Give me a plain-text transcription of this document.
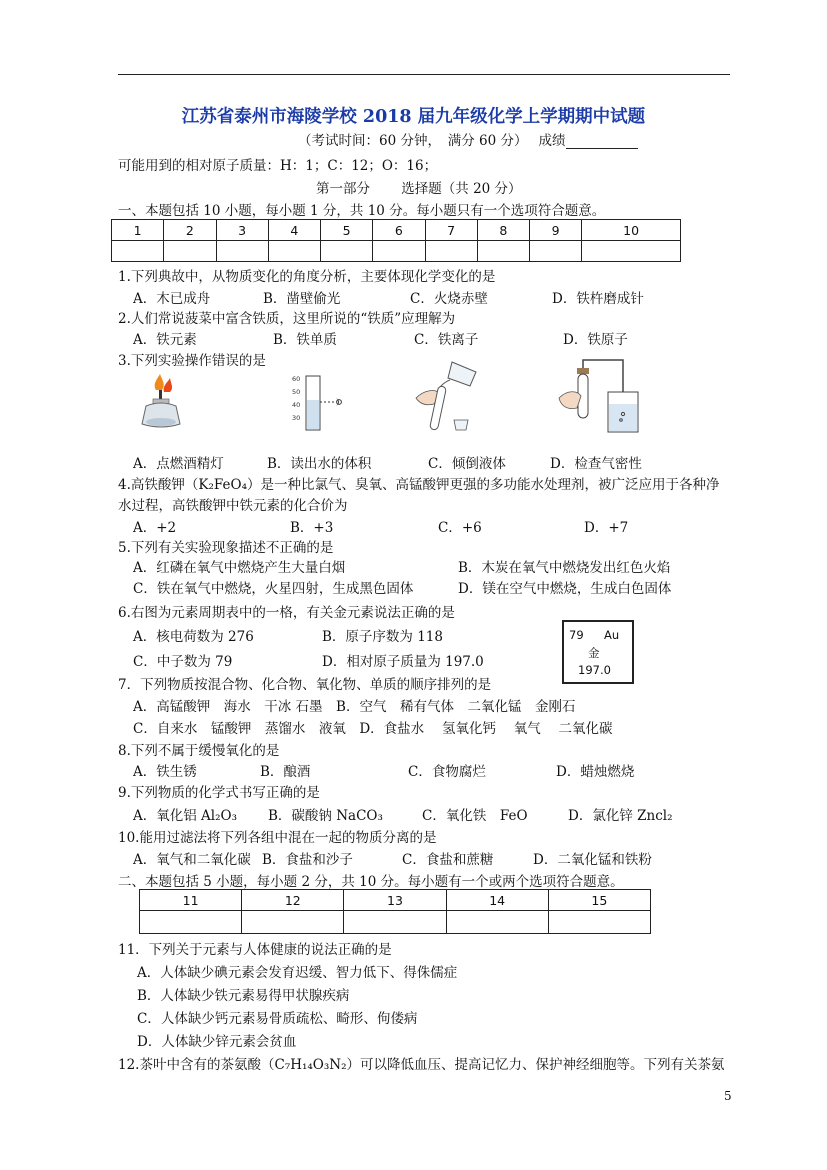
江苏省泰州市海陵学校 2018 届九年级化学上学期期中试题
（考试时间：60 分钟，　满分 60 分）　 成绩
可能用到的相对原子质量：H：1；C：12；O：16；
第一部分　　 选择题（共 20 分）
一、本题包括 10 小题，每小题 1 分，共 10 分。每小题只有一个选项符合题意。
1	2	3	4	5	6	7	8	9	10

1.下列典故中，从物质变化的角度分析，主要体现化学变化的是
A．木已成舟	B．凿壁偷光	C．火烧赤壁	D．铁杵磨成针
2.人们常说菠菜中富含铁质，这里所说的“铁质”应理解为
A．铁元素	B．铁单质	C．铁离子	D．铁原子
3.下列实验操作错误的是
60
50
40
30
A．点燃酒精灯	B．读出水的体积	C．倾倒液体	D．检查气密性
4.高铁酸钾（K₂FeO₄）是一种比氯气、臭氧、高锰酸钾更强的多功能水处理剂，被广泛应用于各种净
水过程，高铁酸钾中铁元素的化合价为
A．+2	B．+3	C．+6	D．+7
5.下列有关实验现象描述不正确的是
A．红磷在氧气中燃烧产生大量白烟	B．木炭在氧气中燃烧发出红色火焰
C．铁在氧气中燃烧，火星四射，生成黑色固体	D．镁在空气中燃烧，生成白色固体
6.右图为元素周期表中的一格，有关金元素说法正确的是
A．核电荷数为 276	B．原子序数为 118
C．中子数为 79	D．相对原子质量为 197.0
79 Au
金
197.0
7．下列物质按混合物、化合物、氧化物、单质的顺序排列的是
A．高锰酸钾　海水　干冰 石墨　B．空气　稀有气体　二氧化锰　金刚石
C．自来水　锰酸钾　蒸馏水　液氧　D．食盐水　 氢氧化钙　 氧气　 二氧化碳
8.下列不属于缓慢氧化的是
A．铁生锈	B．酿酒	C．食物腐烂	D．蜡烛燃烧
9.下列物质的化学式书写正确的是
A．氧化铝 Al₂O₃ B．碳酸钠 NaCO₃	C．氧化铁　FeO	D．氯化锌 Zncl₂
10.能用过滤法将下列各组中混在一起的物质分离的是
A．氧气和二氧化碳 B．食盐和沙子	C．食盐和蔗糖	D．二氧化锰和铁粉
二、本题包括 5 小题，每小题 2 分，共 10 分。每小题有一个或两个选项符合题意。
11	12	13	14	15

11．下列关于元素与人体健康的说法正确的是
A．人体缺少碘元素会发育迟缓、智力低下、得侏儒症
B．人体缺少铁元素易得甲状腺疾病
C．人体缺少钙元素易骨质疏松、畸形、佝偻病
D．人体缺少锌元素会贫血
12.茶叶中含有的茶氨酸（C₇H₁₄O₃N₂）可以降低血压、提高记忆力、保护神经细胞等。下列有关茶氨
5
